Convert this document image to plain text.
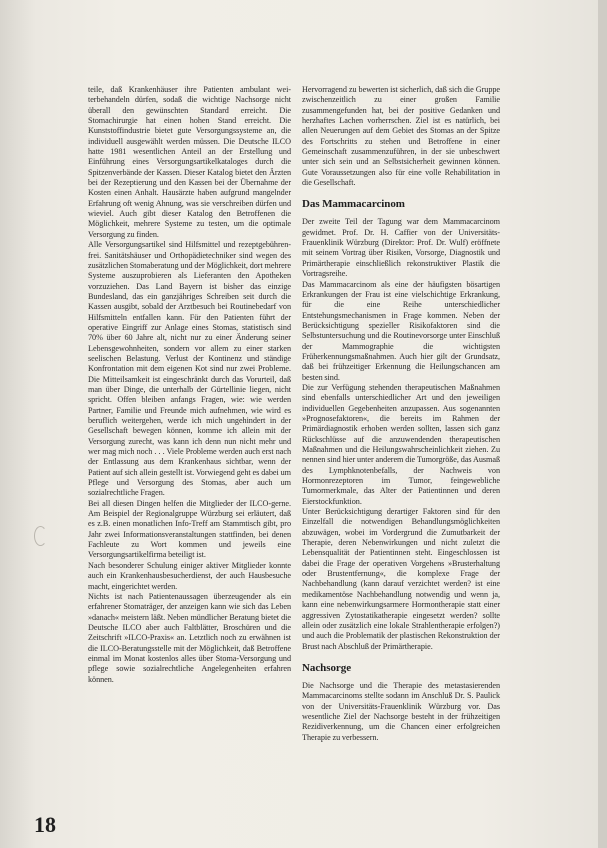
teile, daß Krankenhäuser ihre Patienten ambulant wei-terbehandeln dürfen, sodaß die wichtige Nachsorge nicht überall den gewünschten Standard erreicht. Die Stomachirurgie hat einen hohen Stand erreicht. Die Kunststoffindustrie bietet gute Versorgungssysteme an, die individuell ausgewählt werden müssen. Die Deutsche ILCO hatte 1981 wesentlichen Anteil an der Erstellung und Einführung eines Versorgungsartikelkataloges durch die Spitzenverbände der Kassen. Dieser Katalog bietet den Ärzten bei der Rezeptierung und den Kassen bei der Übernahme der Kosten einen Anhalt. Hausärzte haben aufgrund mangelnder Erfahrung oft wenig Ahnung, was sie verschreiben dürfen und wieviel. Auch gibt dieser Katalog den Betroffenen die Möglichkeit, mehrere Systeme zu testen, um die optimale Versorgung zu finden.

Alle Versorgungsartikel sind Hilfsmittel und rezeptgebührenfrei. Sanitätshäuser und Orthopädietechniker sind wegen des zusätzlichen Stomaberatung und der Möglichkeit, dort mehrere Systeme auszuprobieren als Lieferanten den Apotheken vorzuziehen. Das Land Bayern ist bisher das einzige Bundesland, das ein ganzjähriges Schreiben seit durch die Kassen ausgibt, sobald der Arztbesuch bei Routinebedarf von Hilfsmitteln entfallen kann. Für den Patienten führt der operative Eingriff zur Anlage eines Stomas, statistisch sind 70% über 60 Jahre alt, nicht nur zu einer Änderung seiner Lebensgewohnheiten, sondern vor allem zu einer starken seelischen Belastung. Verlust der Kontinenz und ständige Konfrontation mit dem eigenen Kot sind nur zwei Probleme. Die Mitteilsamkeit ist eingeschränkt durch das Vorurteil, daß man über Dinge, die unterhalb der Gürtellinie liegen, nicht spricht. Offen bleiben anfangs Fragen, wie: wie werden Partner, Familie und Freunde mich aufnehmen, wie wird es beruflich weitergehen, werde ich mich ungehindert in der Gesellschaft bewegen können, komme ich allein mit der Versorgung zurecht, was kann ich denn nun nicht mehr und wer mag mich noch . . . Viele Probleme werden auch erst nach der Entlassung aus dem Krankenhaus sichtbar, wenn der Patient auf sich allein gestellt ist. Vorwiegend geht es dabei um Pflege und Versorgung des Stomas, aber auch um sozialrechtliche Fragen.

Bei all diesen Dingen helfen die Mitglieder der ILCO-gerne. Am Beispiel der Regionalgruppe Würzburg sei erläutert, daß es z.B. einen monatlichen Info-Treff am Stammtisch gibt, pro Jahr zwei Informationsveranstaltungen stattfinden, bei denen Fachleute zu Wort kommen und jeweils eine Versorgungsartikelfirma beteiligt ist.

Nach besonderer Schulung einiger aktiver Mitglieder konnte auch ein Krankenhausbesucherdienst, der auch Hausbesuche macht, eingerichtet werden.

Nichts ist nach Patientenaussagen überzeugender als ein erfahrener Stomaträger, der anzeigen kann wie sich das Leben »danach« meistern läßt. Neben mündlicher Beratung bietet die Deutsche ILCO aber auch Faltblätter, Broschüren und die Zeitschrift »ILCO-Praxis« an. Letztlich noch zu erwähnen ist die ILCO-Beratungsstelle mit der Möglichkeit, daß Betroffene einmal im Monat kostenlos alles über Stoma-Versorgung und pflege sowie sozialrechtliche Angelegenheiten erfahren können.

Hervorragend zu bewerten ist sicherlich, daß sich die Gruppe zwischenzeitlich zu einer großen Familie zusammengefunden hat, bei der positive Gedanken und herzhaftes Lachen vorherrschen. Ziel ist es natürlich, bei allen Neuerungen auf dem Gebiet des Stomas an der Spitze des Fortschritts zu stehen und Betroffene in einer Gemeinschaft zusammenzuführen, in der sie unbeschwert unter sich sein und an Selbstsicherheit gewinnen können. Gute Voraussetzungen also für eine volle Rehabilitation in die Gesellschaft.

Das Mammacarcinom

Der zweite Teil der Tagung war dem Mammacarcinom gewidmet. Prof. Dr. H. Caffier von der Universitäts-Frauenklinik Würzburg (Direktor: Prof. Dr. Wulf) eröffnete mit seinem Vortrag über Risiken, Vorsorge, Diagnostik und Primärtherapie einschließlich rekonstruktiver Plastik die Vortragsreihe.

Das Mammacarcinom als eine der häufigsten bösartigen Erkrankungen der Frau ist eine vielschichtige Erkrankung, für die eine Reihe unterschiedlicher Entstehungsmechanismen in Frage kommen. Neben der Berücksichtigung spezieller Risikofaktoren sind die Selbstuntersuchung und die Routinevorsorge unter Einschluß der Mammographie die wichtigsten Früherkennungsmaßnahmen. Auch hier gilt der Grundsatz, daß bei frühzeitiger Erkennung die Heilungschancen am besten sind.

Die zur Verfügung stehenden therapeutischen Maßnahmen sind ebenfalls unterschiedlicher Art und den jeweiligen individuellen Gegebenheiten anzupassen. Aus sogenannten »Prognosefaktoren«, die bereits im Rahmen der Primärdiagnostik erhoben werden sollten, lassen sich ganz Rückschlüsse auf die anzuwendenden therapeutischen Maßnahmen und die Heilungswahrscheinlichkeit ziehen. Zu nennen sind hier unter anderem die Tumorgröße, das Ausmaß des Lymphknotenbefalls, der Nachweis von Hormonrezeptoren im Tumor, feingewebliche Tumormerkmale, das Alter der Patientinnen und deren Eierstockfunktion.

Unter Berücksichtigung derartiger Faktoren sind für den Einzelfall die notwendigen Behandlungsmöglichkeiten abzuwägen, wobei im Vordergrund die Zumutbarkeit der Therapie, deren Nebenwirkungen und nicht zuletzt die Lebensqualität der Patientinnen steht. Eingeschlossen ist dabei die Frage der operativen Vorgehens »Brusterhaltung oder Brustentfernung«, die komplexe Frage der Nachbehandlung (kann darauf verzichtet werden? ist eine medikamentöse Nachbehandlung notwendig und wenn ja, kann eine nebenwirkungsarmere Hormontherapie statt einer aggressiven Zytostatikatherapie eingesetzt werden? sollte allein oder zusätzlich eine lokale Strahlentherapie erfolgen?) und auch die Problematik der plastischen Rekonstruktion der Brust nach Abschluß der Primärtherapie.

Nachsorge

Die Nachsorge und die Therapie des metastasierenden Mammacarcinoms stellte sodann im Anschluß Dr. S. Paulick von der Universitäts-Frauenklinik Würzburg vor. Das wesentliche Ziel der Nachsorge besteht in der frühzeitigen Rezidiverkennung, um die Chancen einer erfolgreichen Therapie zu verbessern.

18
